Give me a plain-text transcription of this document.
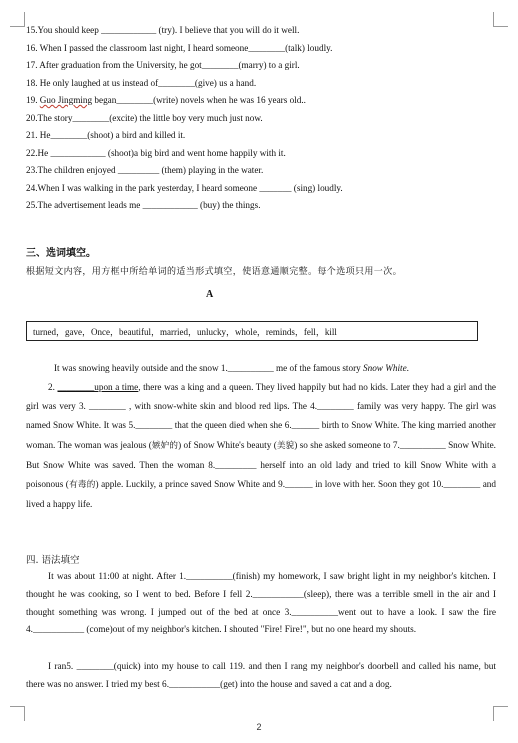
15.You should keep ____________ (try). I believe that you will do it well.
16. When I passed the classroom last night, I heard someone________(talk) loudly.
17. After graduation from the University, he got________(marry) to a girl.
18. He only laughed at us instead of________(give) us a hand.
19. Guo Jingming began________(write) novels when he was 16 years old..
20.The story________(excite) the little boy very much just now.
21. He________(shoot) a bird and killed it.
22.He ____________ (shoot)a big bird and went home happily with it.
23.The children enjoyed _________ (them) playing in the water.
24.When I was walking in the park yesterday, I heard someone _______ (sing) loudly.
25.The advertisement leads me ____________ (buy) the things.
三、选词填空。
根据短文内容，用方框中所给单词的适当形式填空，使语意通顺完整。每个选项只用一次。
A
turned，gave，Once，beautiful，married，unlucky，whole，reminds，fell，kill

It was snowing heavily outside and the snow 1.__________ me of the famous story Snow White.

2. ________upon a time, there was a king and a queen. They lived happily but had no kids. Later they had a girl and the girl was very 3. ________ , with snow-white skin and blood red lips. The 4.________ family was very happy. The girl was named Snow White. It was 5.________ that the queen died when she 6.______ birth to Snow White. The king married another woman. The woman was jealous (嫉妒的) of Snow White's beauty (美貌) so she asked someone to 7.__________ Snow White. But Snow White was saved. Then the woman 8._________ herself into an old lady and tried to kill Snow White with a poisonous (有毒的) apple. Luckily, a prince saved Snow White and 9.______ in love with her. Soon they got 10.________ and lived a happy life.

四. 语法填空

It was about 11:00 at night. After 1.__________(finish) my homework, I saw bright light in my neighbor's kitchen. I thought he was cooking, so I went to bed. Before I fell 2.___________(sleep), there was a terrible smell in the air and I thought something was wrong. I jumped out of the bed at once 3.__________went out to have a look. I saw the fire 4.___________ (come)out of my neighbor's kitchen. I shouted "Fire! Fire!", but no one heard my shouts.

I ran5. ________(quick) into my house to call 119. and then I rang my neighbor's doorbell and called his name, but there was no answer. I tried my best 6.___________(get) into the house and saved a cat and a dog.

2
